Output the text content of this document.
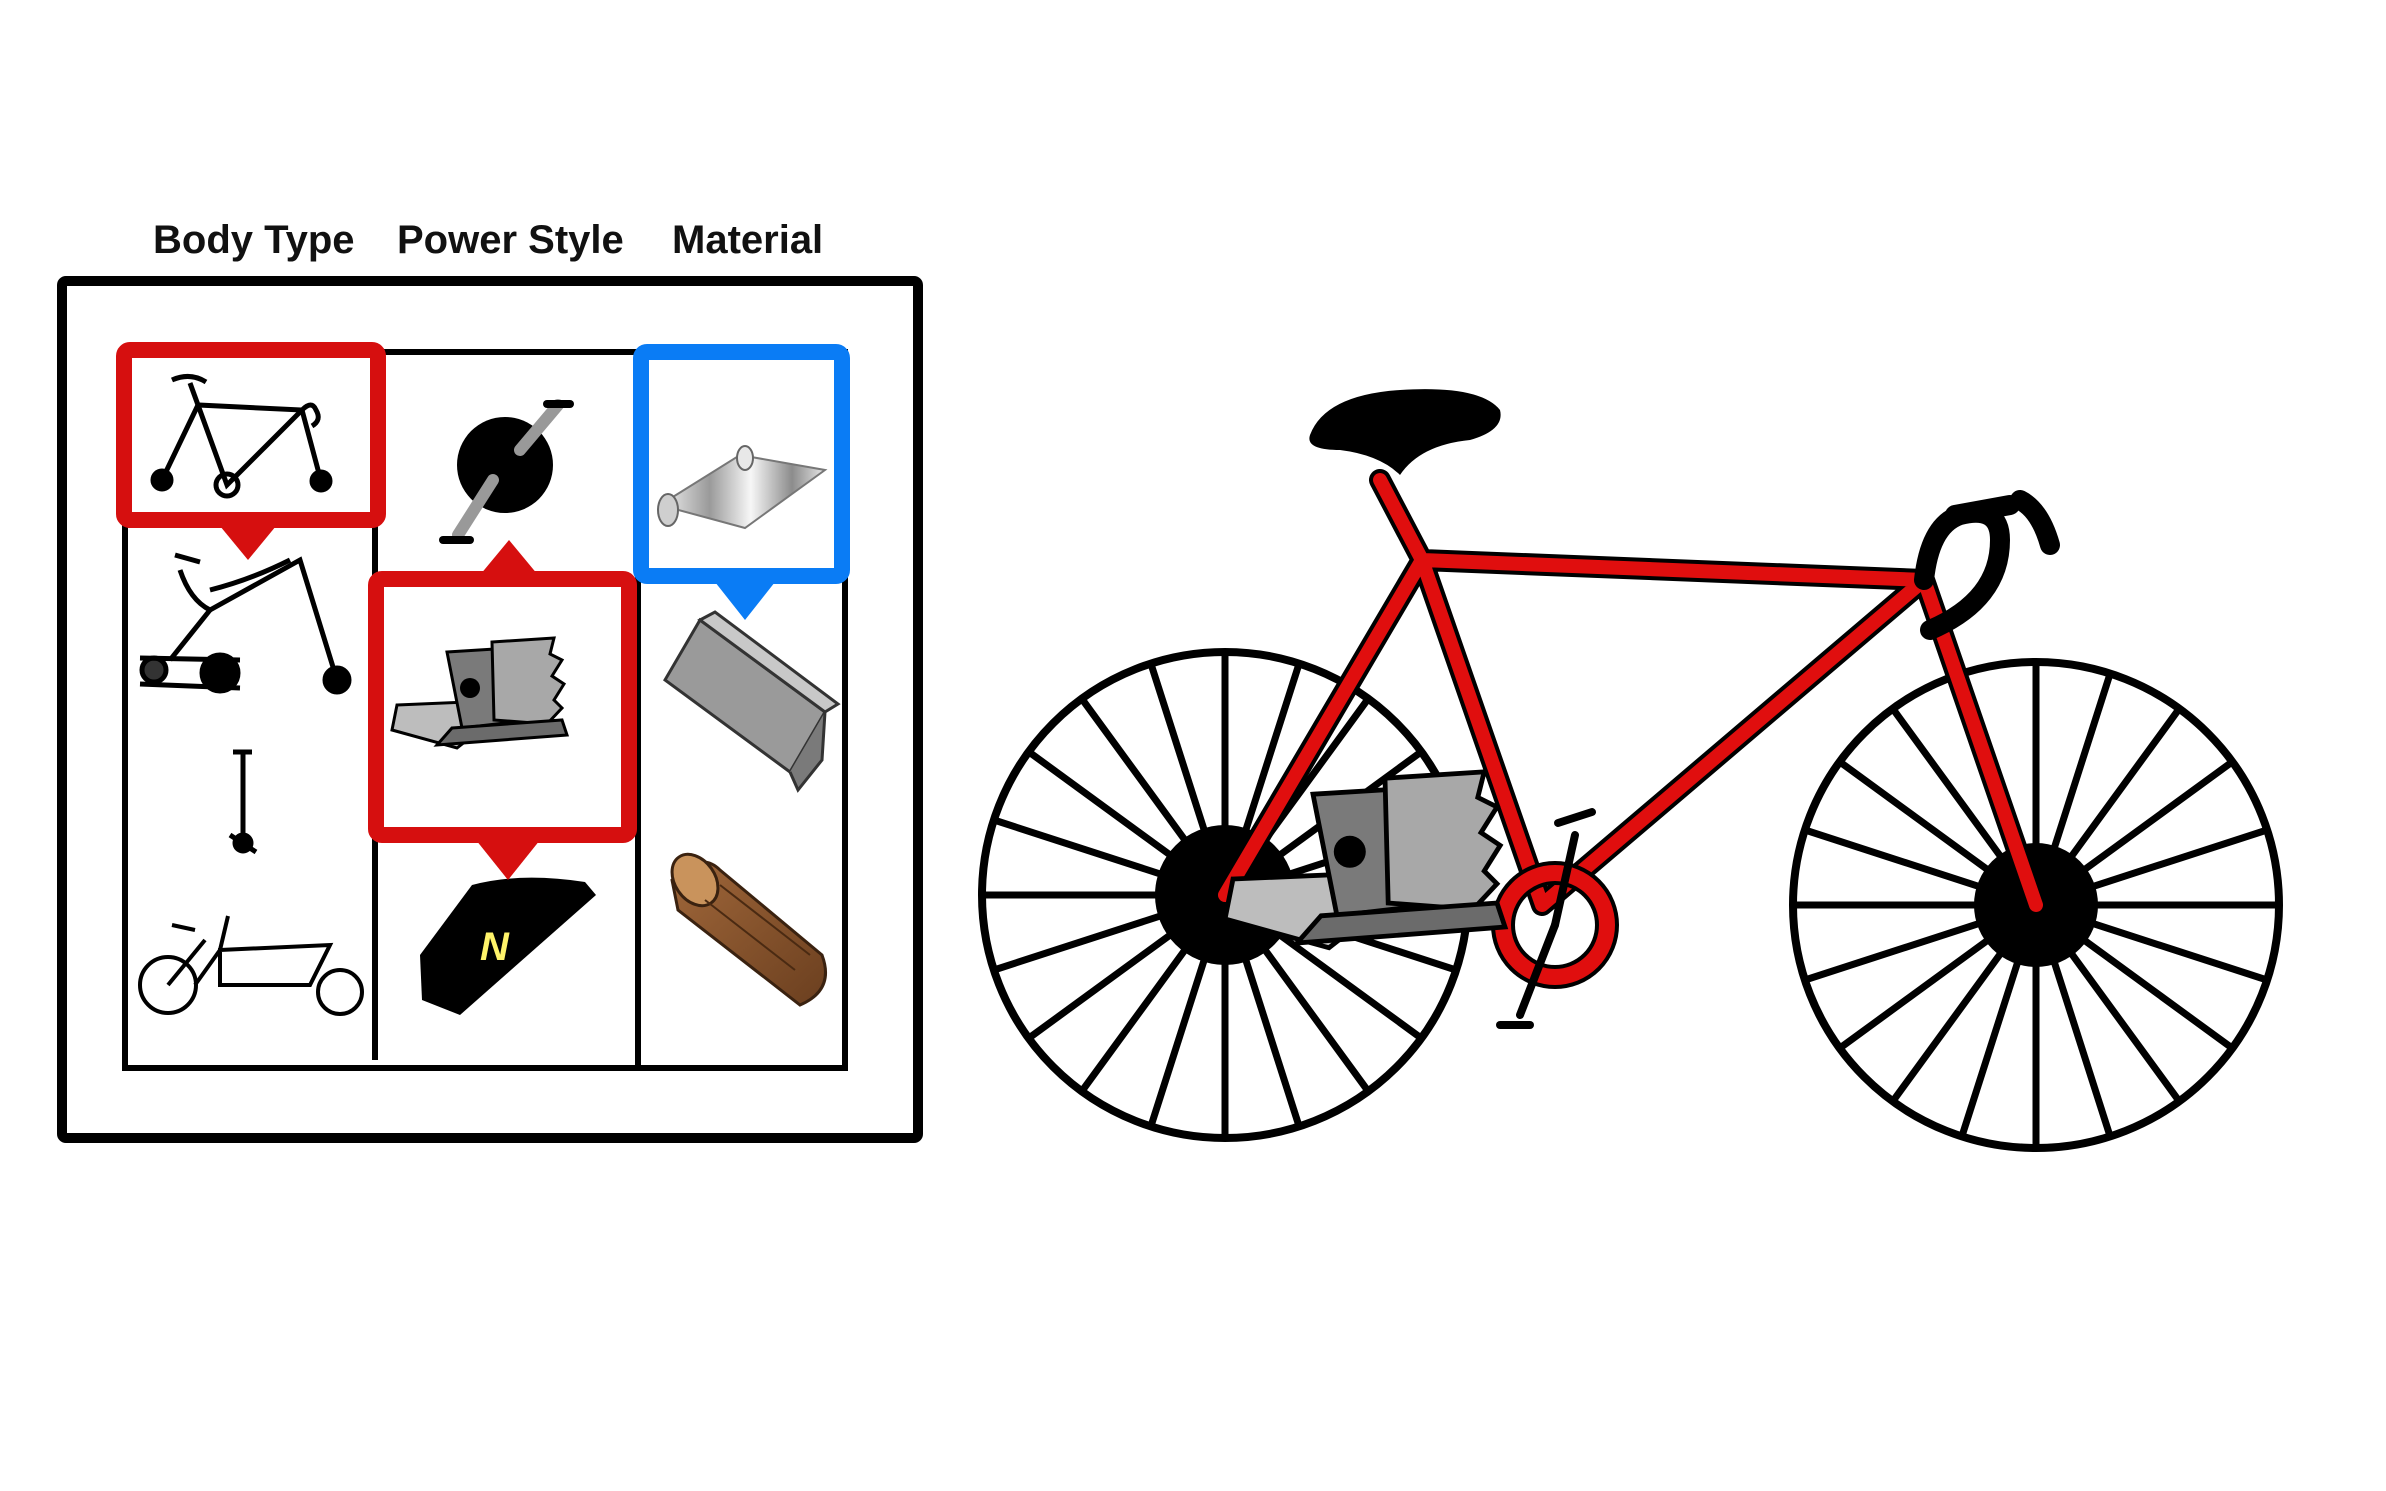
Body Type Power Style Material
N
